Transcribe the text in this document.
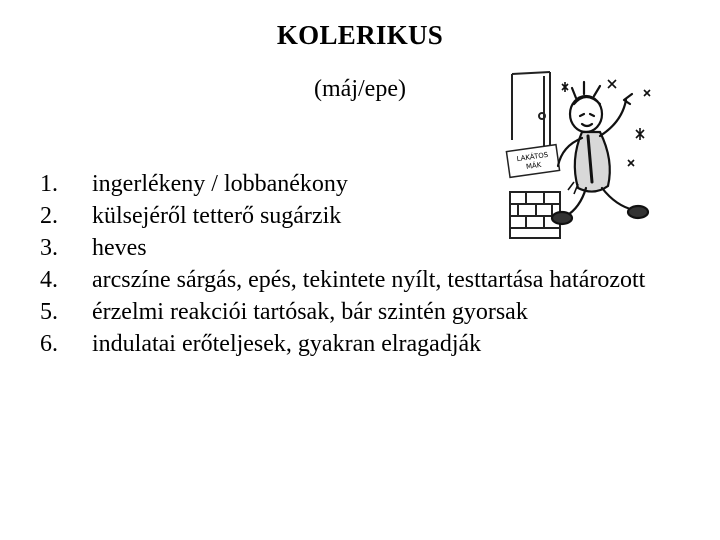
KOLERIKUS
(máj/epe)
LAKÁTOS
MÁK
1.	ingerlékeny / lobbanékony
2.	külsejéről tetterő sugárzik
3.	heves
4.	arcszíne sárgás, epés, tekintete nyílt, testtartása határozott
5.	érzelmi reakciói tartósak, bár szintén gyorsak
6.	indulatai erőteljesek, gyakran elragadják
